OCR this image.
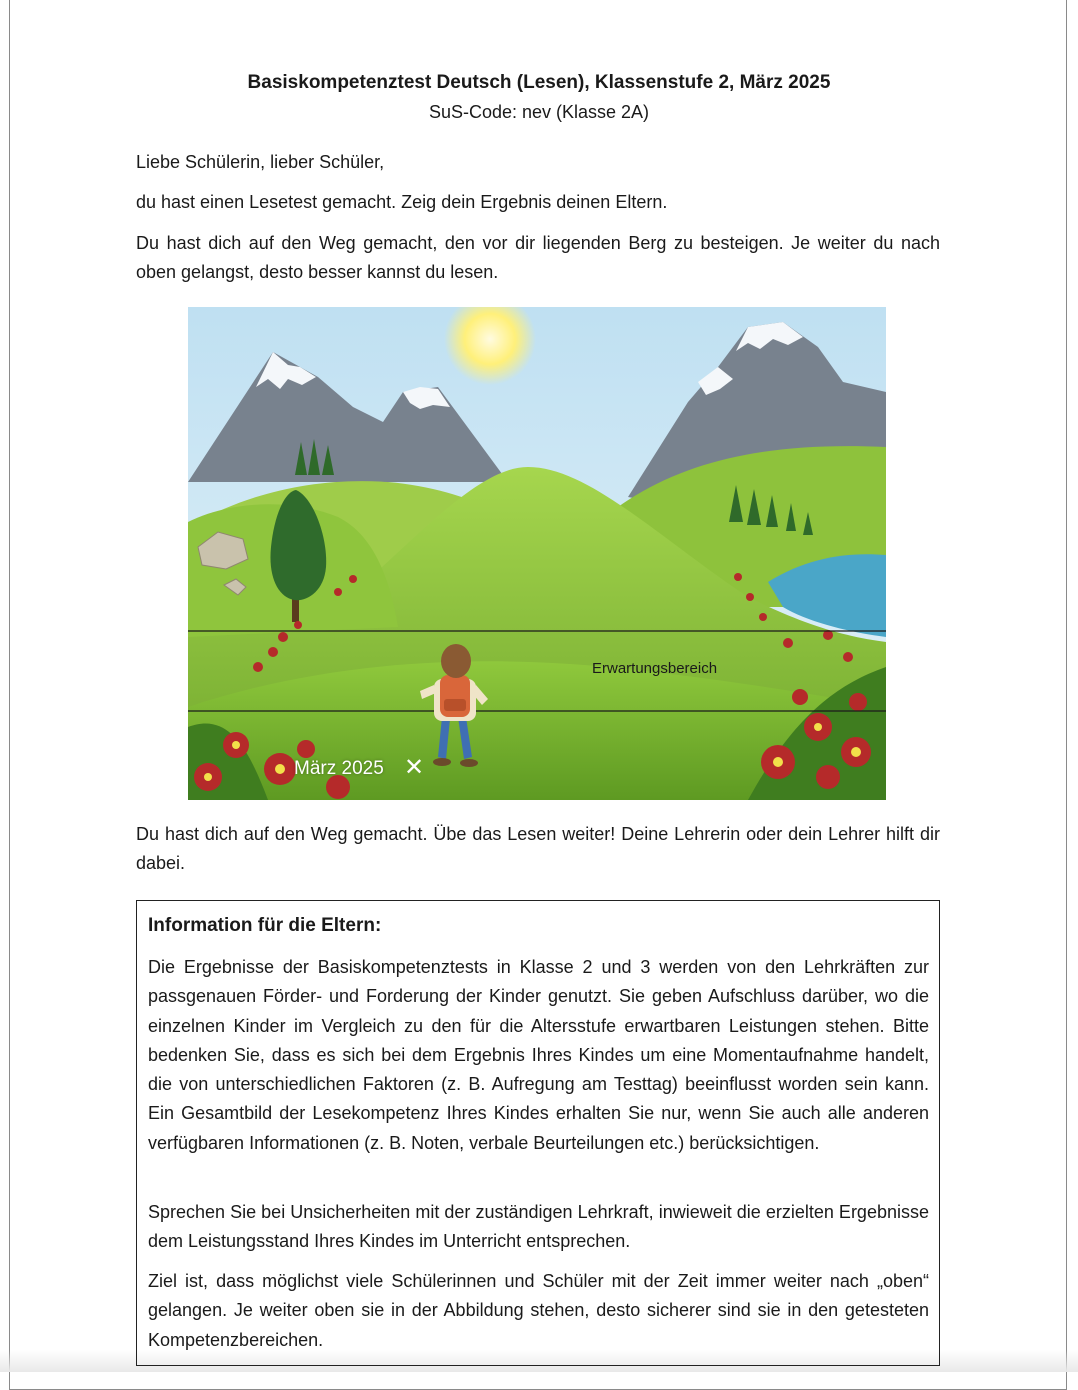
Basiskompetenztest Deutsch (Lesen), Klassenstufe 2, März 2025

SuS-Code: nev (Klasse 2A)

Liebe Schülerin, lieber Schüler,

du hast einen Lesetest gemacht. Zeig dein Ergebnis deinen Eltern.

Du hast dich auf den Weg gemacht, den vor dir liegenden Berg zu besteigen. Je weiter du nach oben gelangst, desto besser kannst du lesen.

Erwartungsbereich
März 2025 ✕

Du hast dich auf den Weg gemacht. Übe das Lesen weiter! Deine Lehrerin oder dein Lehrer hilft dir dabei.

Information für die Eltern:

Die Ergebnisse der Basiskompetenztests in Klasse 2 und 3 werden von den Lehrkräften zur passgenauen Förder- und Forderung der Kinder genutzt. Sie geben Aufschluss darüber, wo die einzelnen Kinder im Vergleich zu den für die Altersstufe erwartbaren Leistungen stehen. Bitte bedenken Sie, dass es sich bei dem Ergebnis Ihres Kindes um eine Momentaufnahme handelt, die von unterschiedlichen Faktoren (z. B. Aufregung am Testtag) beeinflusst worden sein kann. Ein Gesamtbild der Lesekompetenz Ihres Kindes erhalten Sie nur, wenn Sie auch alle anderen verfügbaren Informationen (z. B. Noten, verbale Beurteilungen etc.) berücksichtigen.

Sprechen Sie bei Unsicherheiten mit der zuständigen Lehrkraft, inwieweit die erzielten Ergebnisse dem Leistungsstand Ihres Kindes im Unterricht entsprechen.

Ziel ist, dass möglichst viele Schülerinnen und Schüler mit der Zeit immer weiter nach „oben“ gelangen. Je weiter oben sie in der Abbildung stehen, desto sicherer sind sie in den getesteten Kompetenzbereichen.
